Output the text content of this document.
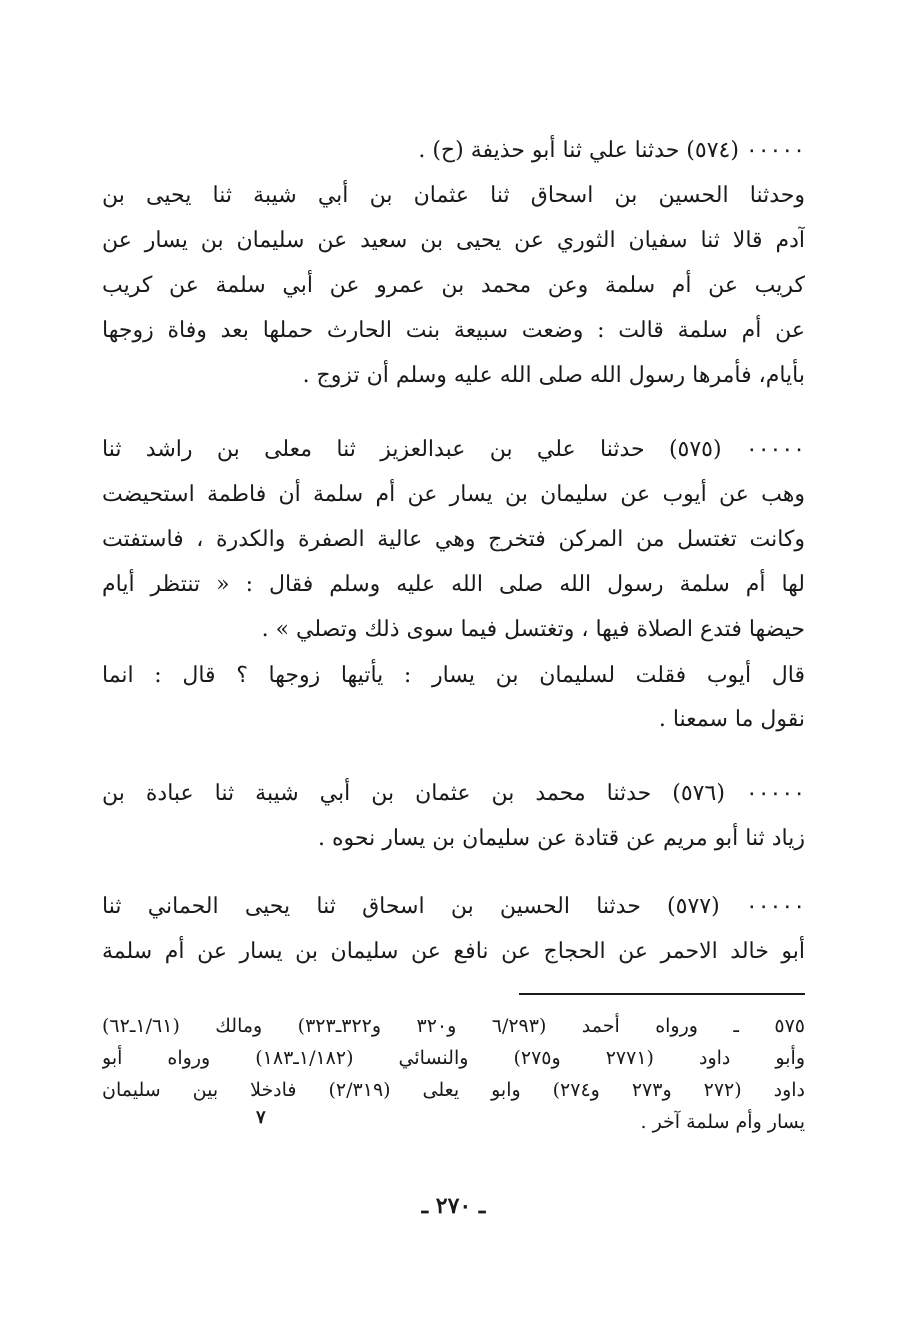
٠٠٠٠٠ (٥٧٤) حدثنا علي ثنا أبو حذيفة (ح) .
وحدثنا الحسين بن اسحاق ثنا عثمان بن أبي شيبة ثنا يحيى بن
آدم قالا ثنا سفيان الثوري عن يحيى بن سعيد عن سليمان بن يسار عن
كريب عن أم سلمة وعن محمد بن عمرو عن أبي سلمة عن كريب
عن أم سلمة قالت : وضعت سبيعة بنت الحارث حملها بعد وفاة زوجها
بأيام، فأمرها رسول الله صلى الله عليه وسلم أن تزوج .
٠٠٠٠٠ (٥٧٥) حدثنا علي بن عبدالعزيز ثنا معلى بن راشد ثنا
وهب عن أيوب عن سليمان بن يسار عن أم سلمة أن فاطمة استحيضت
وكانت تغتسل من المركن فتخرج وهي عالية الصفرة والكدرة ، فاستفتت
لها أم سلمة رسول الله صلى الله عليه وسلم فقال : « تنتظر أيام
حيضها فتدع الصلاة فيها ، وتغتسل فيما سوى ذلك وتصلي » .
قال أيوب فقلت لسليمان بن يسار : يأتيها زوجها ؟ قال : انما
نقول ما سمعنا .
٠٠٠٠٠ (٥٧٦) حدثنا محمد بن عثمان بن أبي شيبة ثنا عبادة بن
زياد ثنا أبو مريم عن قتادة عن سليمان بن يسار نحوه .
٠٠٠٠٠ (٥٧٧) حدثنا الحسين بن اسحاق ثنا يحيى الحماني ثنا
أبو خالد الاحمر عن الحجاج عن نافع عن سليمان بن يسار عن أم سلمة
٥٧٥ ـ ورواه أحمد (٦/٢٩٣ و٣٢٠ و٣٢٢ـ٣٢٣) ومالك (١/٦١ـ٦٢)
وأبو داود (٢٧٧١ و٢٧٥) والنسائي (١/١٨٢ـ١٨٣) ورواه أبو
داود (٢٧٢ و٢٧٣ و٢٧٤) وابو يعلى (٢/٣١٩) فادخلا بين سليمان
يسار وأم سلمة آخر .
٧
ـ ٢٧٠ ـ
